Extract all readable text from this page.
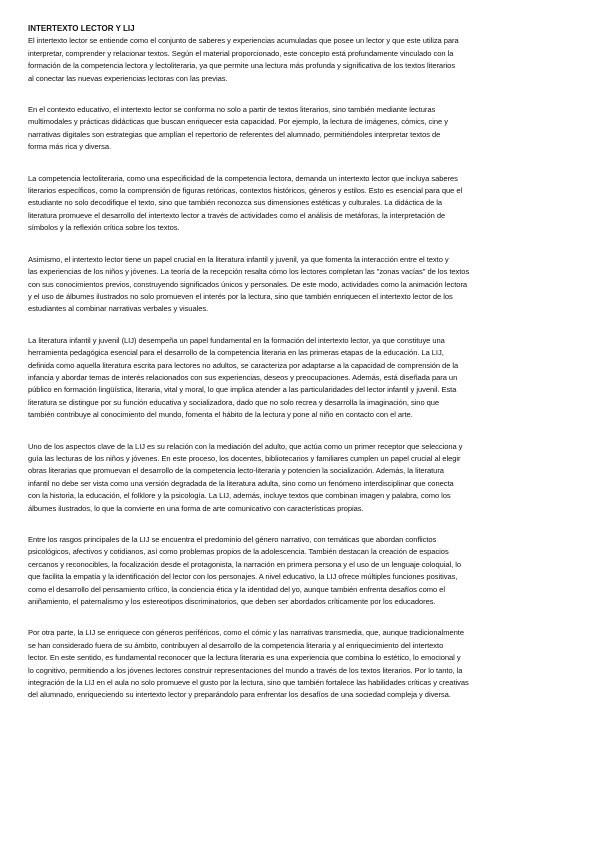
INTERTEXTO LECTOR Y LIJ
El intertexto lector se entiende como el conjunto de saberes y experiencias acumuladas que posee un lector y que este utiliza para
interpretar, comprender y relacionar textos. Según el material proporcionado, este concepto está profundamente vinculado con la
formación de la competencia lectora y lectoliteraria, ya que permite una lectura más profunda y significativa de los textos literarios
al conectar las nuevas experiencias lectoras con las previas.
En el contexto educativo, el intertexto lector se conforma no solo a partir de textos literarios, sino también mediante lecturas
multimodales y prácticas didácticas que buscan enriquecer esta capacidad. Por ejemplo, la lectura de imágenes, cómics, cine y
narrativas digitales son estrategias que amplían el repertorio de referentes del alumnado, permitiéndoles interpretar textos de
forma más rica y diversa.
La competencia lectoliteraria, como una especificidad de la competencia lectora, demanda un intertexto lector que incluya saberes
literarios específicos, como la comprensión de figuras retóricas, contextos históricos, géneros y estilos. Esto es esencial para que el
estudiante no solo decodifique el texto, sino que también reconozca sus dimensiones estéticas y culturales. La didáctica de la
literatura promueve el desarrollo del intertexto lector a través de actividades como el análisis de metáforas, la interpretación de
símbolos y la reflexión crítica sobre los textos.
Asimismo, el intertexto lector tiene un papel crucial en la literatura infantil y juvenil, ya que fomenta la interacción entre el texto y
las experiencias de los niños y jóvenes. La teoría de la recepción resalta cómo los lectores completan las "zonas vacías" de los textos
con sus conocimientos previos, construyendo significados únicos y personales. De este modo, actividades como la animación lectora
y el uso de álbumes ilustrados no solo promueven el interés por la lectura, sino que también enriquecen el intertexto lector de los
estudiantes al combinar narrativas verbales y visuales.
La literatura infantil y juvenil (LIJ) desempeña un papel fundamental en la formación del intertexto lector, ya que constituye una
herramienta pedagógica esencial para el desarrollo de la competencia literaria en las primeras etapas de la educación. La LIJ,
definida como aquella literatura escrita para lectores no adultos, se caracteriza por adaptarse a la capacidad de comprensión de la
infancia y abordar temas de interés relacionados con sus experiencias, deseos y preocupaciones. Además, está diseñada para un
público en formación lingüística, literaria, vital y moral, lo que implica atender a las particularidades del lector infantil y juvenil. Esta
literatura se distingue por su función educativa y socializadora, dado que no solo recrea y desarrolla la imaginación, sino que
también contribuye al conocimiento del mundo, fomenta el hábito de la lectura y pone al niño en contacto con el arte.
Uno de los aspectos clave de la LIJ es su relación con la mediación del adulto, que actúa como un primer receptor que selecciona y
guía las lecturas de los niños y jóvenes. En este proceso, los docentes, bibliotecarios y familiares cumplen un papel crucial al elegir
obras literarias que promuevan el desarrollo de la competencia lecto-literaria y potencien la socialización. Además, la literatura
infantil no debe ser vista como una versión degradada de la literatura adulta, sino como un fenómeno interdisciplinar que conecta
con la historia, la educación, el folklore y la psicología. La LIJ, además, incluye textos que combinan imagen y palabra, como los
álbumes ilustrados, lo que la convierte en una forma de arte comunicativo con características propias.
Entre los rasgos principales de la LIJ se encuentra el predominio del género narrativo, con temáticas que abordan conflictos
psicológicos, afectivos y cotidianos, así como problemas propios de la adolescencia. También destacan la creación de espacios
cercanos y reconocibles, la focalización desde el protagonista, la narración en primera persona y el uso de un lenguaje coloquial, lo
que facilita la empatía y la identificación del lector con los personajes. A nivel educativo, la LIJ ofrece múltiples funciones positivas,
como el desarrollo del pensamiento crítico, la conciencia ética y la identidad del yo, aunque también enfrenta desafíos como el
aniñamiento, el paternalismo y los estereotipos discriminatorios, que deben ser abordados críticamente por los educadores.
Por otra parte, la LIJ se enriquece con géneros periféricos, como el cómic y las narrativas transmedia, que, aunque tradicionalmente
se han considerado fuera de su ámbito, contribuyen al desarrollo de la competencia literaria y al enriquecimiento del intertexto
lector. En este sentido, es fundamental reconocer que la lectura literaria es una experiencia que combina lo estético, lo emocional y
lo cognitivo, permitiendo a los jóvenes lectores construir representaciones del mundo a través de los textos literarios. Por lo tanto, la
integración de la LIJ en el aula no solo promueve el gusto por la lectura, sino que también fortalece las habilidades críticas y creativas
del alumnado, enriqueciendo su intertexto lector y preparándolo para enfrentar los desafíos de una sociedad compleja y diversa.
